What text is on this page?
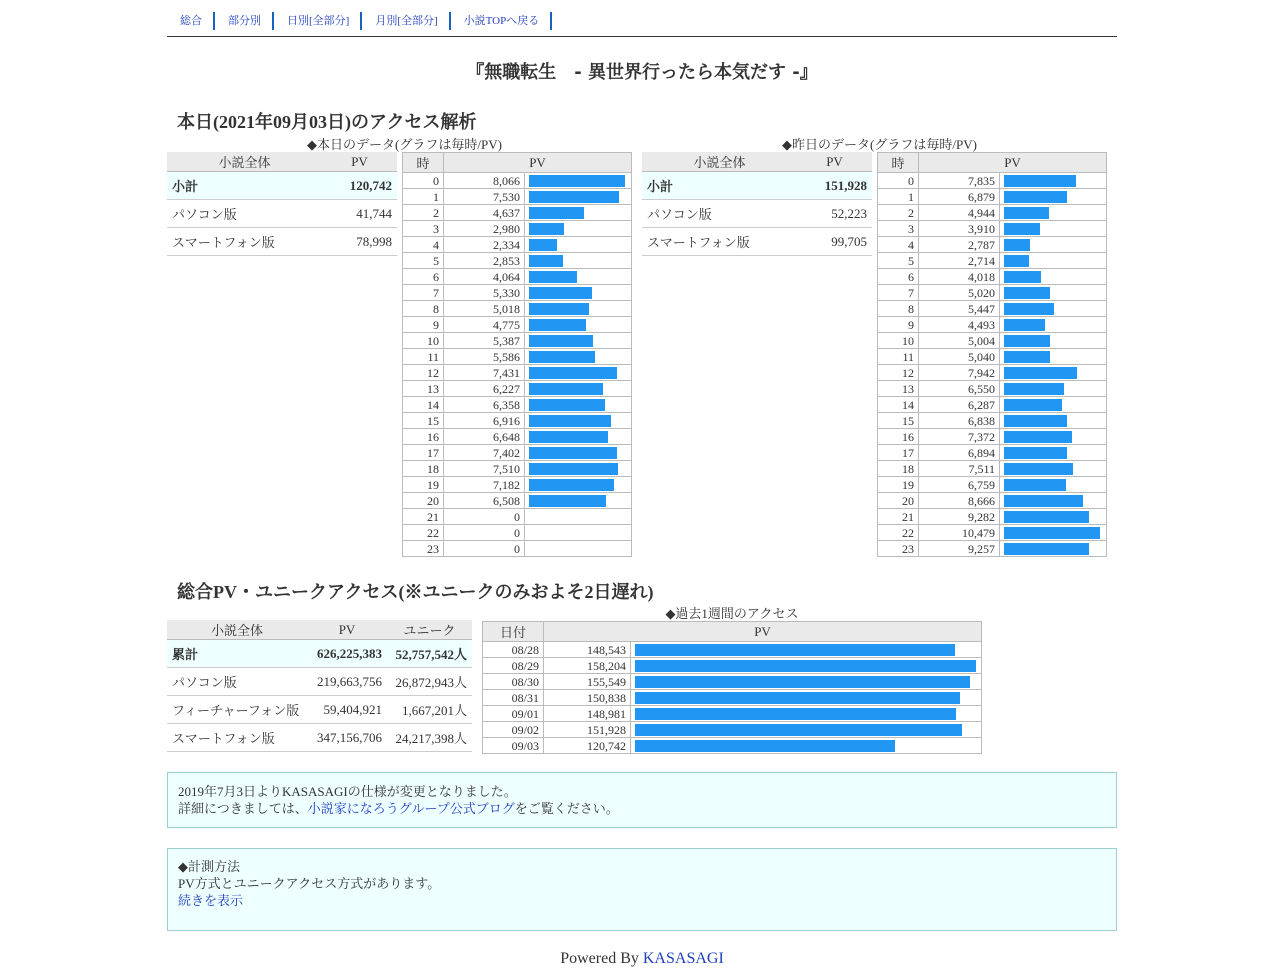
総合	部分別	日別[全部分]	月別[全部分]	小説TOPへ戻る
『無職転生　- 異世界行ったら本気だす -』
本日(2021年09月03日)のアクセス解析
◆本日のデータ(グラフは毎時/PV)
小説全体	PV
小計	120,742
パソコン版	41,744
スマートフォン版	78,998
時	PV	
0	8,066	

1	7,530	

2	4,637	

3	2,980	

4	2,334	

5	2,853	

6	4,064	

7	5,330	

8	5,018	

9	4,775	

10	5,387	

11	5,586	

12	7,431	

13	6,227	

14	6,358	

15	6,916	

16	6,648	

17	7,402	

18	7,510	

19	7,182	

20	6,508	

21	0	

22	0	

23	0	
◆昨日のデータ(グラフは毎時/PV)
小説全体	PV
小計	151,928
パソコン版	52,223
スマートフォン版	99,705
時	PV	
0	7,835	

1	6,879	

2	4,944	

3	3,910	

4	2,787	

5	2,714	

6	4,018	

7	5,020	

8	5,447	

9	4,493	

10	5,004	

11	5,040	

12	7,942	

13	6,550	

14	6,287	

15	6,838	

16	7,372	

17	6,894	

18	7,511	

19	6,759	

20	8,666	

21	9,282	

22	10,479	

23	9,257	
総合PV・ユニークアクセス(※ユニークのみおよそ2日遅れ)
小説全体	PV	ユニーク
累計	626,225,383	52,757,542人
パソコン版	219,663,756	26,872,943人
フィーチャーフォン版	59,404,921	1,667,201人
スマートフォン版	347,156,706	24,217,398人
◆過去1週間のアクセス
日付	PV	
08/28	148,543	

08/29	158,204	

08/30	155,549	

08/31	150,838	

09/01	148,981	

09/02	151,928	

09/03	120,742	
2019年7月3日よりKASASAGIの仕様が変更となりました。
詳細につきましては、小説家になろうグループ公式ブログをご覧ください。
◆計測方法
PV方式とユニークアクセス方式があります。
続きを表示
Powered By KASASAGI
